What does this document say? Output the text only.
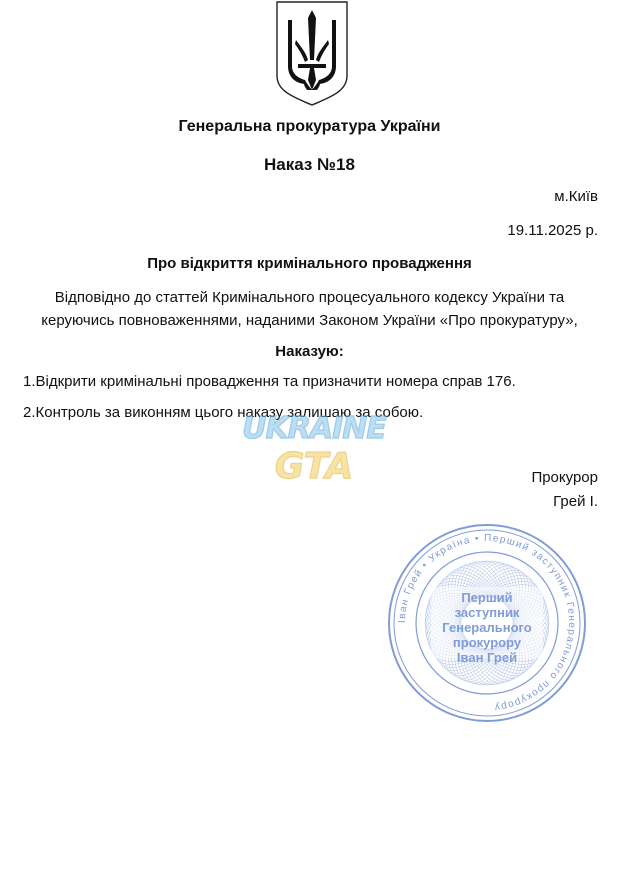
Генеральна прокуратура України
Наказ №18
м.Київ
19.11.2025 р.
Про відкриття кримінального провадження
Відповідно до статтей Кримінального процесуального кодексу України та
керуючись повноваженнями, наданими Законом України «Про прокуратуру»,
Наказую:
1.Відкрити кримінальні провадження та призначити номера справ 176.
2.Контроль за виконням цього наказу залишаю за собою.
UKRAINE
GTA	Прокурор
Грей І.
Іван Грей • Україна • Перший заступник Генерального прокурору
Перший
заступник
Генерального
прокурору
Іван Грей
